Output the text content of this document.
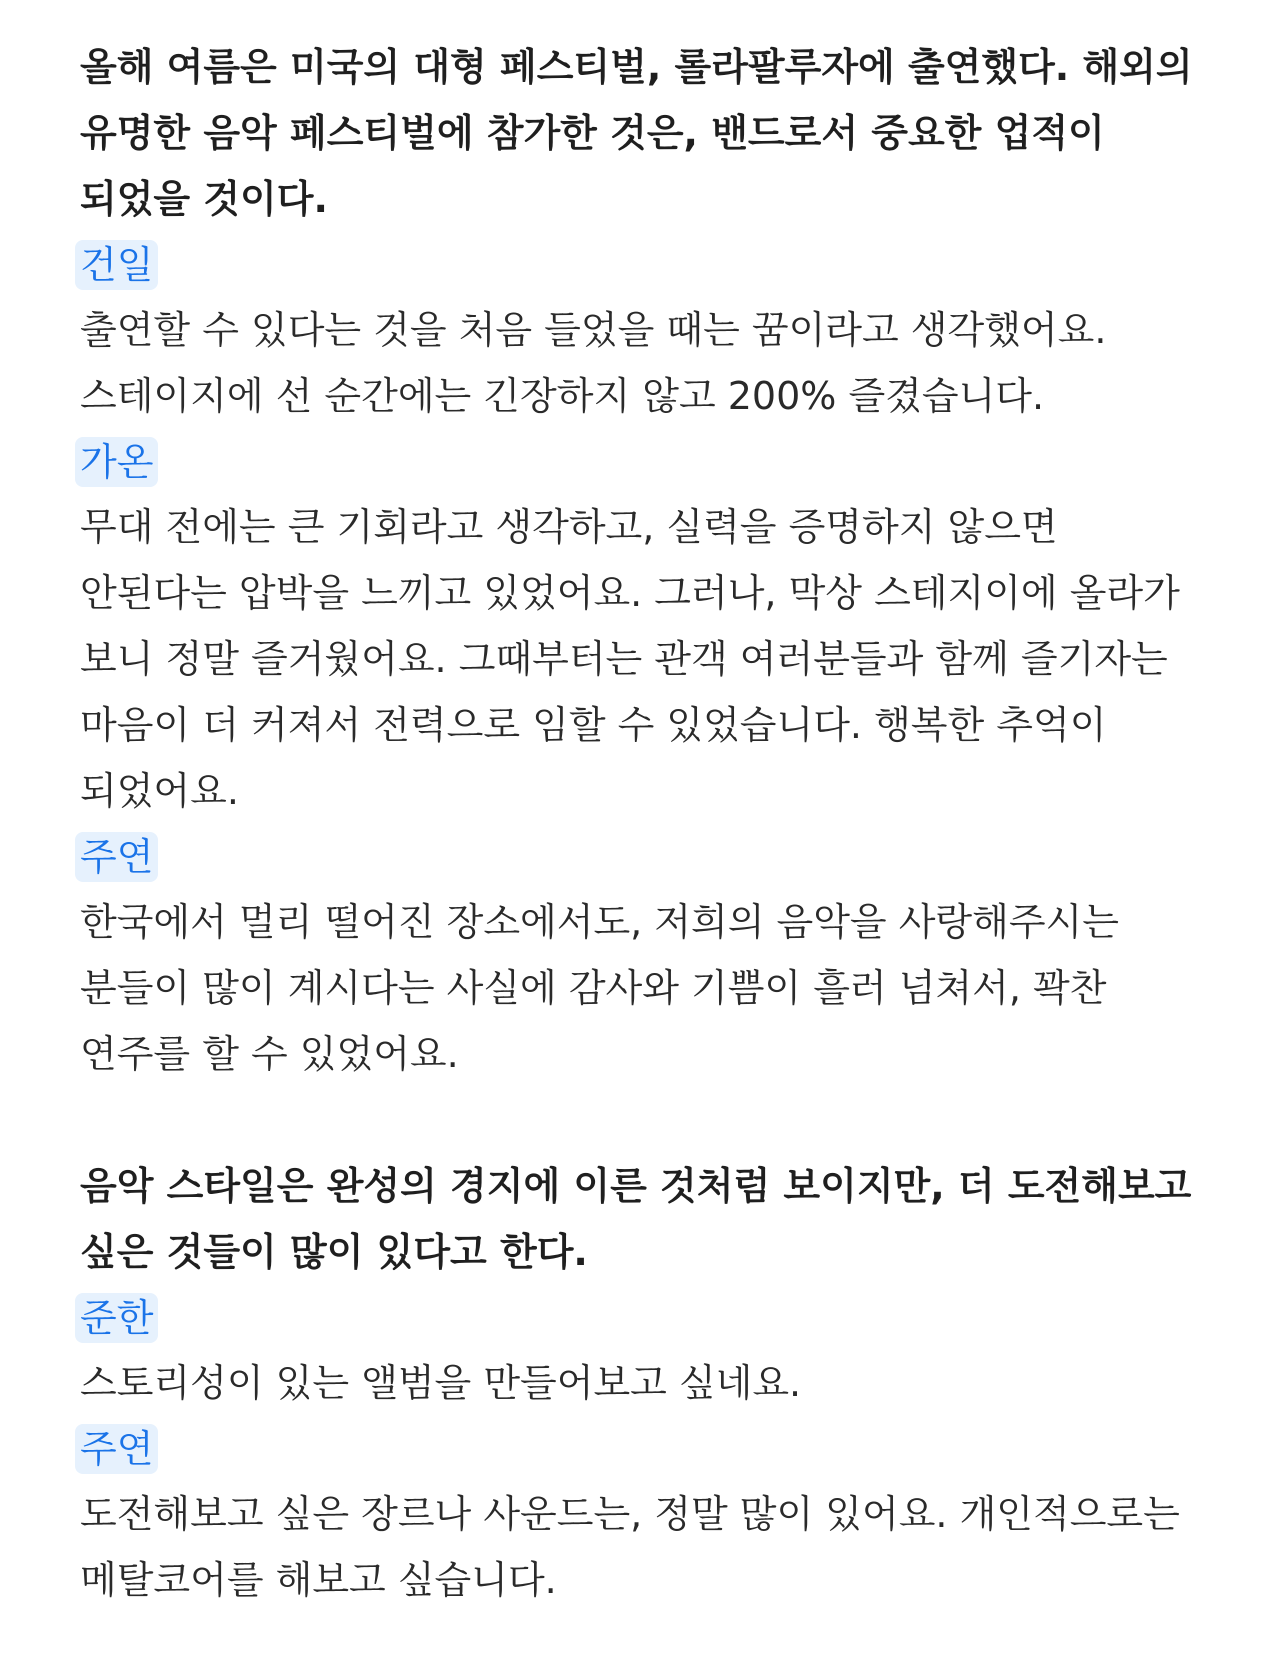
올해 여름은 미국의 대형 페스티벌, 롤라팔루자에 출연했다. 해외의 유명한 음악 페스티벌에 참가한 것은, 밴드로서 중요한 업적이 되었을 것이다.

건일

출연할 수 있다는 것을 처음 들었을 때는 꿈이라고 생각했어요. 스테이지에 선 순간에는 긴장하지 않고 200% 즐겼습니다.

가온

무대 전에는 큰 기회라고 생각하고, 실력을 증명하지 않으면 안된다는 압박을 느끼고 있었어요. 그러나, 막상 스테지이에 올라가 보니 정말 즐거웠어요. 그때부터는 관객 여러분들과 함께 즐기자는 마음이 더 커져서 전력으로 임할 수 있었습니다. 행복한 추억이 되었어요.

주연

한국에서 멀리 떨어진 장소에서도, 저희의 음악을 사랑해주시는 분들이 많이 계시다는 사실에 감사와 기쁨이 흘러 넘쳐서, 꽉찬 연주를 할 수 있었어요.

음악 스타일은 완성의 경지에 이른 것처럼 보이지만, 더 도전해보고 싶은 것들이 많이 있다고 한다.

준한

스토리성이 있는 앨범을 만들어보고 싶네요.

주연

도전해보고 싶은 장르나 사운드는, 정말 많이 있어요. 개인적으로는 메탈코어를 해보고 싶습니다.
